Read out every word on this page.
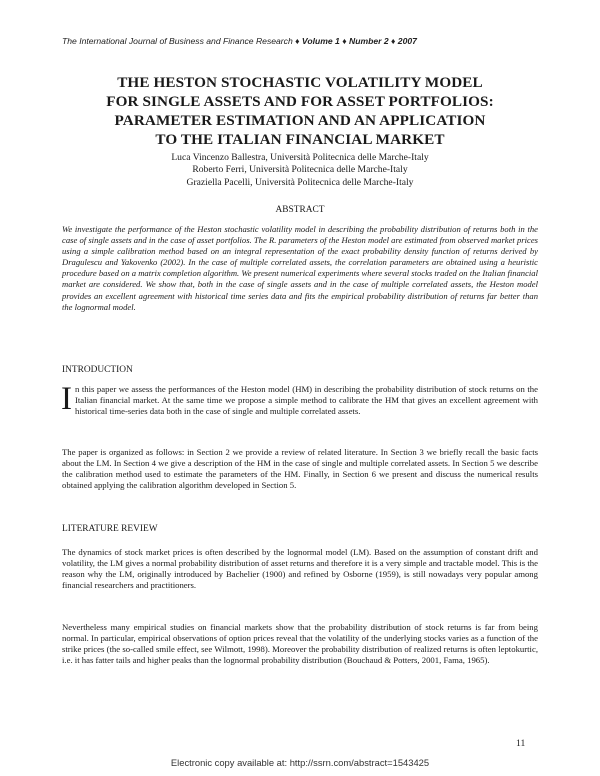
The International Journal of Business and Finance Research ♦ Volume 1 ♦ Number 2 ♦ 2007
THE HESTON STOCHASTIC VOLATILITY MODEL
FOR SINGLE ASSETS AND FOR ASSET PORTFOLIOS:
PARAMETER ESTIMATION AND AN APPLICATION
TO THE ITALIAN FINANCIAL MARKET
Luca Vincenzo Ballestra, Università Politecnica delle Marche-Italy
Roberto Ferri, Università Politecnica delle Marche-Italy
Graziella Pacelli, Università Politecnica delle Marche-Italy
ABSTRACT
We investigate the performance of the Heston stochastic volatility model in describing the probability distribution of returns both in the case of single assets and in the case of asset portfolios. The R. parameters of the Heston model are estimated from observed market prices using a simple calibration method based on an integral representation of the exact probability density function of returns derived by Dragulescu and Yakovenko (2002). In the case of multiple correlated assets, the correlation parameters are obtained using a heuristic procedure based on a matrix completion algorithm. We present numerical experiments where several stocks traded on the Italian financial market are considered. We show that, both in the case of single assets and in the case of multiple correlated assets, the Heston model provides an excellent agreement with historical time series data and fits the empirical probability distribution of returns far better than the lognormal model.
INTRODUCTION
In this paper we assess the performances of the Heston model (HM) in describing the probability distribution of stock returns on the Italian financial market. At the same time we propose a simple method to calibrate the HM that gives an excellent agreement with historical time-series data both in the case of single and multiple correlated assets.
The paper is organized as follows: in Section 2 we provide a review of related literature. In Section 3 we briefly recall the basic facts about the LM. In Section 4 we give a description of the HM in the case of single and multiple correlated assets. In Section 5 we describe the calibration method used to estimate the parameters of the HM. Finally, in Section 6 we present and discuss the numerical results obtained applying the calibration algorithm developed in Section 5.
LITERATURE REVIEW
The dynamics of stock market prices is often described by the lognormal model (LM). Based on the assumption of constant drift and volatility, the LM gives a normal probability distribution of asset returns and therefore it is a very simple and tractable model. This is the reason why the LM, originally introduced by Bachelier (1900) and refined by Osborne (1959), is still nowadays very popular among financial researchers and practitioners.
Nevertheless many empirical studies on financial markets show that the probability distribution of stock returns is far from being normal. In particular, empirical observations of option prices reveal that the volatility of the underlying stocks varies as a function of the strike prices (the so-called smile effect, see Wilmott, 1998). Moreover the probability distribution of realized returns is often leptokurtic, i.e. it has fatter tails and higher peaks than the lognormal probability distribution (Bouchaud & Potters, 2001, Fama, 1965).
11
Electronic copy available at: http://ssrn.com/abstract=1543425
